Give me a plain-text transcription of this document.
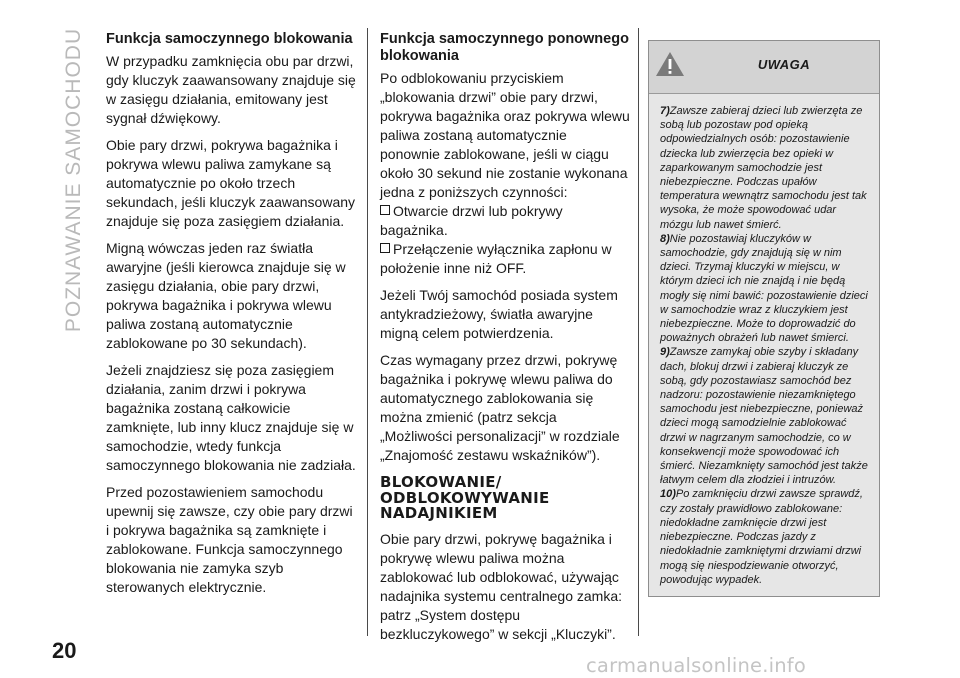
POZNAWANIE SAMOCHODU Funkcja samoczynnego blokowania

W przypadku zamknięcia obu par drzwi, gdy kluczyk zaawansowany znajduje się w zasięgu działania, emitowany jest sygnał dźwiękowy.

Obie pary drzwi, pokrywa bagażnika i pokrywa wlewu paliwa zamykane są automatycznie po około trzech sekundach, jeśli kluczyk zaawansowany znajduje się poza zasięgiem działania.

Migną wówczas jeden raz światła awaryjne (jeśli kierowca znajduje się w zasięgu działania, obie pary drzwi, pokrywa bagażnika i pokrywa wlewu paliwa zostaną automatycznie zablokowane po 30 sekundach).

Jeżeli znajdziesz się poza zasięgiem działania, zanim drzwi i pokrywa bagażnika zostaną całkowicie zamknięte, lub inny klucz znajduje się w samochodzie, wtedy funkcja samoczynnego blokowania nie zadziała.

Przed pozostawieniem samochodu upewnij się zawsze, czy obie pary drzwi i pokrywa bagażnika są zamknięte i zablokowane. Funkcja samoczynnego blokowania nie zamyka szyb sterowanych elektrycznie.

Funkcja samoczynnego ponownego blokowania
Po odblokowaniu przyciskiem „blokowania drzwi” obie pary drzwi, pokrywa bagażnika oraz pokrywa wlewu paliwa zostaną automatycznie ponownie zablokowane, jeśli w ciągu około 30 sekund nie zostanie wykonana jedna z poniższych czynności:
Otwarcie drzwi lub pokrywy bagażnika.
Przełączenie wyłącznika zapłonu w położenie inne niż OFF.

Jeżeli Twój samochód posiada system antykradzieżowy, światła awaryjne migną celem potwierdzenia.

Czas wymagany przez drzwi, pokrywę bagażnika i pokrywę wlewu paliwa do automatycznego zablokowania się można zmienić (patrz sekcja „Możliwości personalizacji” w rozdziale „Znajomość zestawu wskaźników”).

BLOKOWANIE/
ODBLOKOWYWANIE
NADAJNIKIEM

Obie pary drzwi, pokrywę bagażnika i pokrywę wlewu paliwa można zablokować lub odblokować, używając nadajnika systemu centralnego zamka: patrz „System dostępu bezkluczykowego” w sekcji „Kluczyki”.

UWAGA
7)Zawsze zabieraj dzieci lub zwierzęta ze sobą lub pozostaw pod opieką odpowiedzialnych osób: pozostawienie dziecka lub zwierzęcia bez opieki w zaparkowanym samochodzie jest niebezpieczne. Podczas upałów temperatura wewnątrz samochodu jest tak wysoka, że może spowodować udar mózgu lub nawet śmierć.
8)Nie pozostawiaj kluczyków w samochodzie, gdy znajdują się w nim dzieci. Trzymaj kluczyki w miejscu, w którym dzieci ich nie znajdą i nie będą mogły się nimi bawić: pozostawienie dzieci w samochodzie wraz z kluczykiem jest niebezpieczne. Może to doprowadzić do poważnych obrażeń lub nawet śmierci.
9)Zawsze zamykaj obie szyby i składany dach, blokuj drzwi i zabieraj kluczyk ze sobą, gdy pozostawiasz samochód bez nadzoru: pozostawienie niezamkniętego samochodu jest niebezpieczne, ponieważ dzieci mogą samodzielnie zablokować drzwi w nagrzanym samochodzie, co w konsekwencji może spowodować ich śmierć. Niezamknięty samochód jest także łatwym celem dla złodziei i intruzów.
10)Po zamknięciu drzwi zawsze sprawdź, czy zostały prawidłowo zablokowane: niedokładne zamknięcie drzwi jest niebezpieczne. Podczas jazdy z niedokładnie zamkniętymi drzwiami drzwi mogą się niespodziewanie otworzyć, powodując wypadek.
20
carmanualsonline.info
